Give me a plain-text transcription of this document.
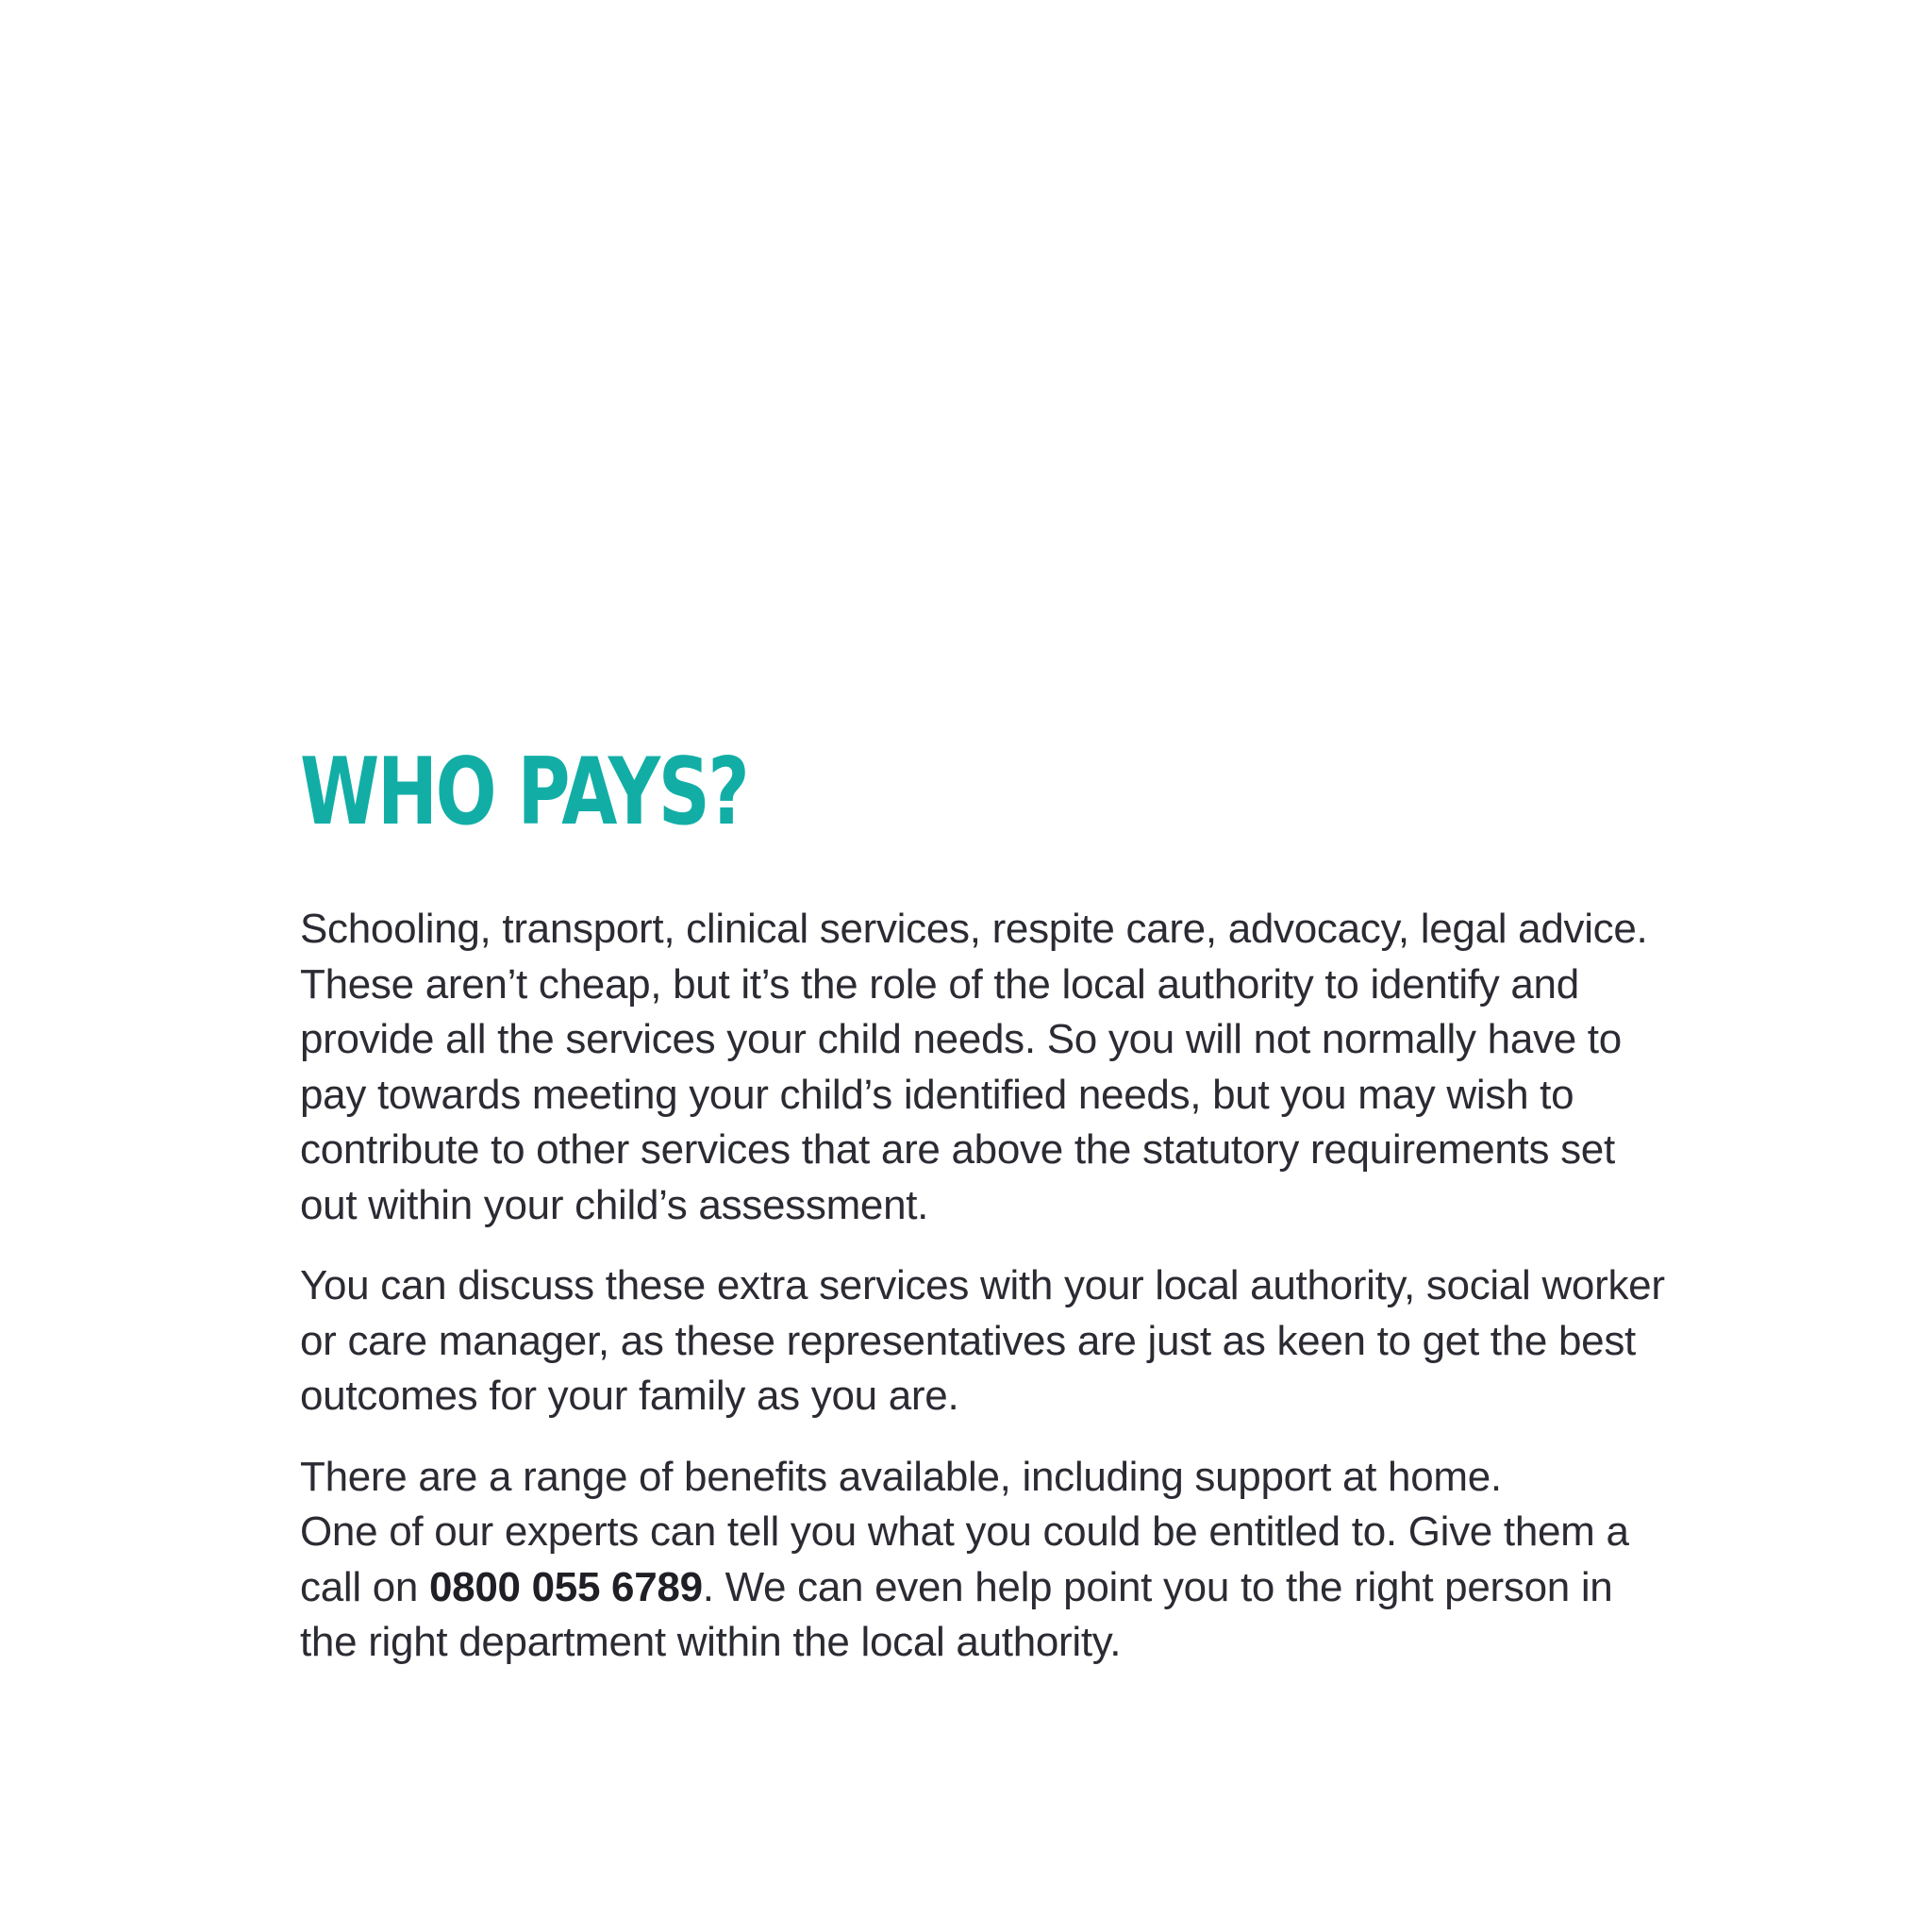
WHO PAYS?

Schooling, transport, clinical services, respite care, advocacy, legal advice.
These aren’t cheap, but it’s the role of the local authority to identify and
provide all the services your child needs. So you will not normally have to
pay towards meeting your child’s identified needs, but you may wish to
contribute to other services that are above the statutory requirements set
out within your child’s assessment.

You can discuss these extra services with your local authority, social worker
or care manager, as these representatives are just as keen to get the best
outcomes for your family as you are.

There are a range of benefits available, including support at home.
One of our experts can tell you what you could be entitled to. Give them a
call on 0800 055 6789. We can even help point you to the right person in
the right department within the local authority.
